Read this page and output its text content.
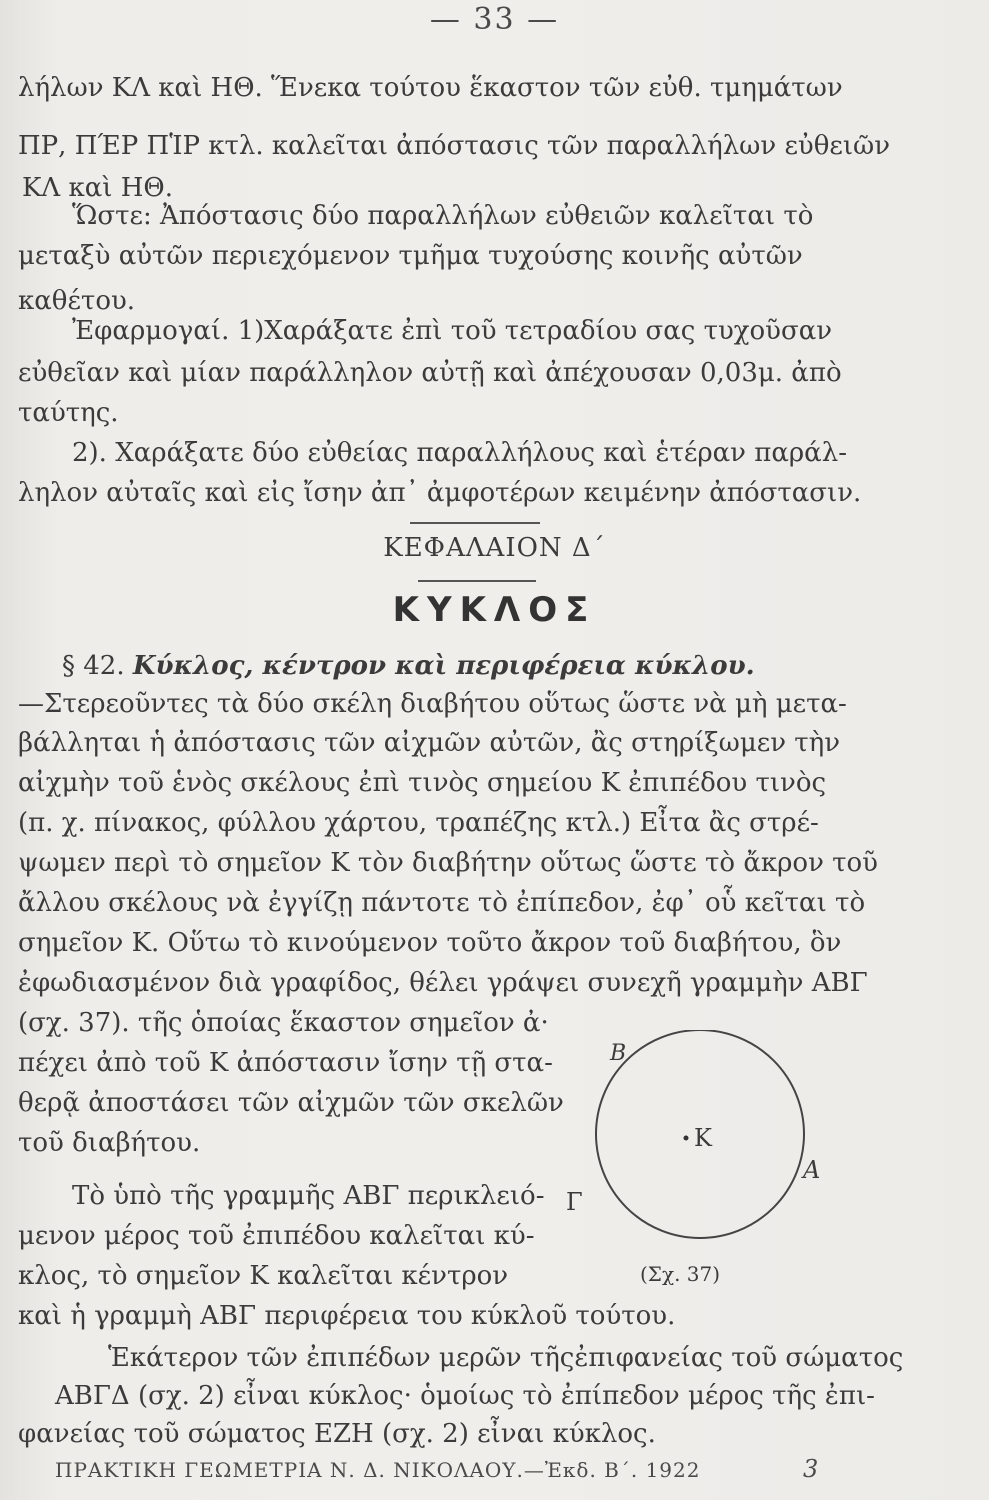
— 33 —
λήλων ΚΛ καὶ ΗΘ. Ἕνεκα τούτου ἕκαστον τῶν εὐθ. τμημάτων
ΠΡ, ΠΈΡ ΠἹΡ κτλ. καλεῖται ἀπόστασις τῶν παραλλήλων εὐθειῶν
ΚΛ καὶ ΗΘ.
Ὥστε: Ἀπόστασις δύο παραλλήλων εὐθειῶν καλεῖται τὸ
μεταξὺ αὐτῶν περιεχόμενον τμῆμα τυχούσης κοινῆς αὐτῶν
καθέτου.
Ἐφαρμογαί. 1)Χαράξατε ἐπὶ τοῦ τετραδίου σας τυχοῦσαν
εὐθεῖαν καὶ μίαν παράλληλον αὐτῇ καὶ ἀπέχουσαν 0,03μ. ἀπὸ
ταύτης.
2). Χαράξατε δύο εὐθείας παραλλήλους καὶ ἑτέραν παράλ-
ληλον αὐταῖς καὶ εἰς ἴσην ἀπ᾽ ἀμφοτέρων κειμένην ἀπόστασιν.
ΚΕΦΑΛΑΙΟΝ Δ΄
ΚΥΚΛΟΣ
§ 42. Κύκλος, κέντρον καὶ περιφέρεια κύκλου.
—Στερεοῦντες τὰ δύο σκέλη διαβήτου οὕτως ὥστε νὰ μὴ μετα-
βάλληται ἡ ἀπόστασις τῶν αἰχμῶν αὐτῶν, ἂς στηρίξωμεν τὴν
αἰχμὴν τοῦ ἑνὸς σκέλους ἐπὶ τινὸς σημείου Κ ἐπιπέδου τινὸς
(π. χ. πίνακος, φύλλου χάρτου, τραπέζης κτλ.) Εἶτα ἂς στρέ-
ψωμεν περὶ τὸ σημεῖον Κ τὸν διαβήτην οὕτως ὥστε τὸ ἄκρον τοῦ
ἄλλου σκέλους νὰ ἐγγίζῃ πάντοτε τὸ ἐπίπεδον, ἐφ᾽ οὗ κεῖται τὸ
σημεῖον Κ. Οὕτω τὸ κινούμενον τοῦτο ἄκρον τοῦ διαβήτου, ὃν
ἐφωδιασμένον διὰ γραφίδος, θέλει γράψει συνεχῆ γραμμὴν ΑΒΓ
(σχ. 37). τῆς ὁποίας ἕκαστον σημεῖον ἀ·
πέχει ἀπὸ τοῦ Κ ἀπόστασιν ἴσην τῇ στα-
θερᾷ ἀποστάσει τῶν αἰχμῶν τῶν σκελῶν
τοῦ διαβήτου.
Τὸ ὑπὸ τῆς γραμμῆς ΑΒΓ περικλειό-
μενον μέρος τοῦ ἐπιπέδου καλεῖται κύ-
κλος, τὸ σημεῖον Κ καλεῖται κέντρον
Β
Κ
Α
Γ
(Σχ. 37)
καὶ ἡ γραμμὴ ΑΒΓ περιφέρεια του κύκλοῦ τούτου.
Ἑκάτερον τῶν ἐπιπέδων μερῶν τῆςἐπιφανείας τοῦ σώματος
ΑΒΓΔ (σχ. 2) εἶναι κύκλος· ὁμοίως τὸ ἐπίπεδον μέρος τῆς ἐπι-
φανείας τοῦ σώματος ΕΖΗ (σχ. 2) εἶναι κύκλος.
ΠΡΑΚΤΙΚΗ ΓΕΩΜΕΤΡΙΑ Ν. Δ. ΝΙΚΟΛΑΟΥ.—Ἐκδ. Β΄. 1922	3
